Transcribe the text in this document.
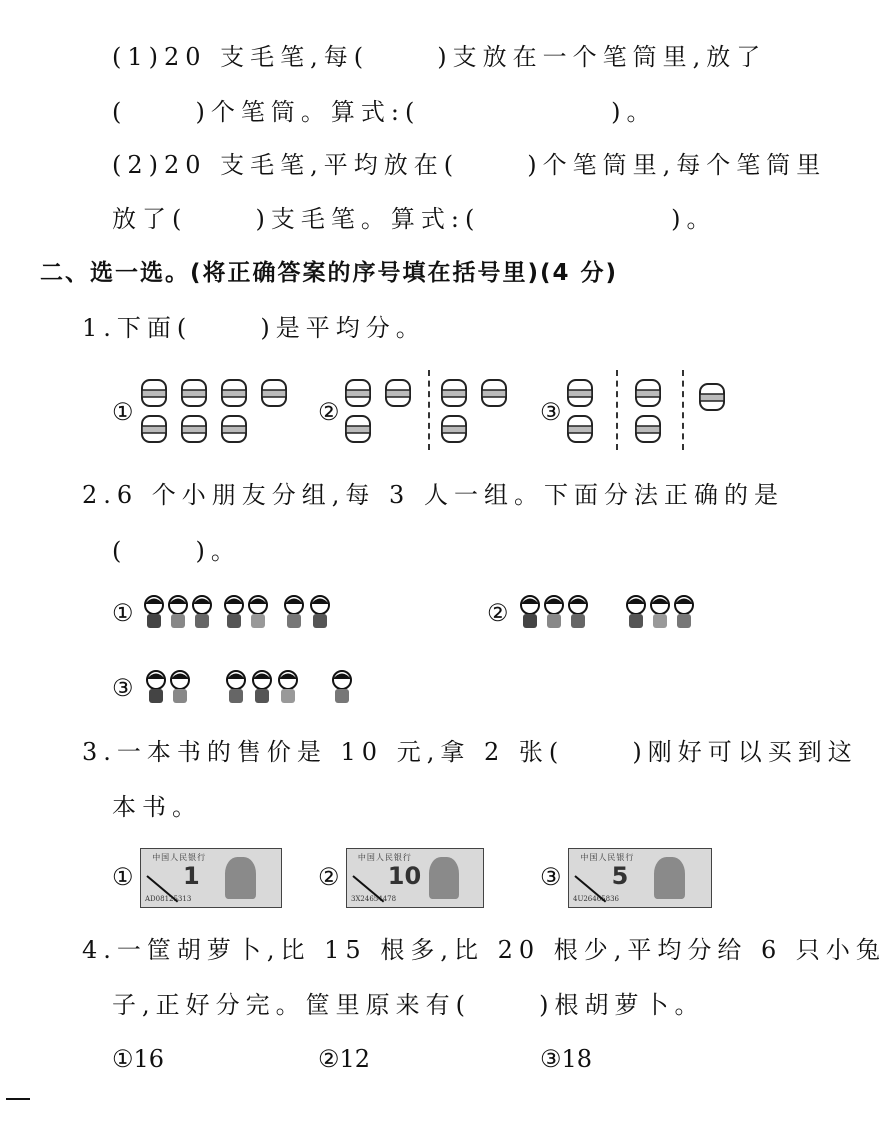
(1)20 支毛笔,每(     )支放在一个笔筒里,放了
(     )个笔筒。算式:(              )。
(2)20 支毛笔,平均放在(     )个笔筒里,每个笔筒里
放了(     )支毛笔。算式:(              )。
二、选一选。(将正确答案的序号填在括号里)(4 分)
1.下面(     )是平均分。
①	②	③
2.6 个小朋友分组,每 3 人一组。下面分法正确的是
(     )。
①	②
③
3.一本书的售价是 10 元,拿 2 张(     )刚好可以买到这
本书。
①
中国人民银行
1
AD08125313
②
中国人民银行
10
3X24654478
③
中国人民银行
5
4U26465836
4.一筐胡萝卜,比 15 根多,比 20 根少,平均分给 6 只小兔
子,正好分完。筐里原来有(     )根胡萝卜。
①16	②12	③18
